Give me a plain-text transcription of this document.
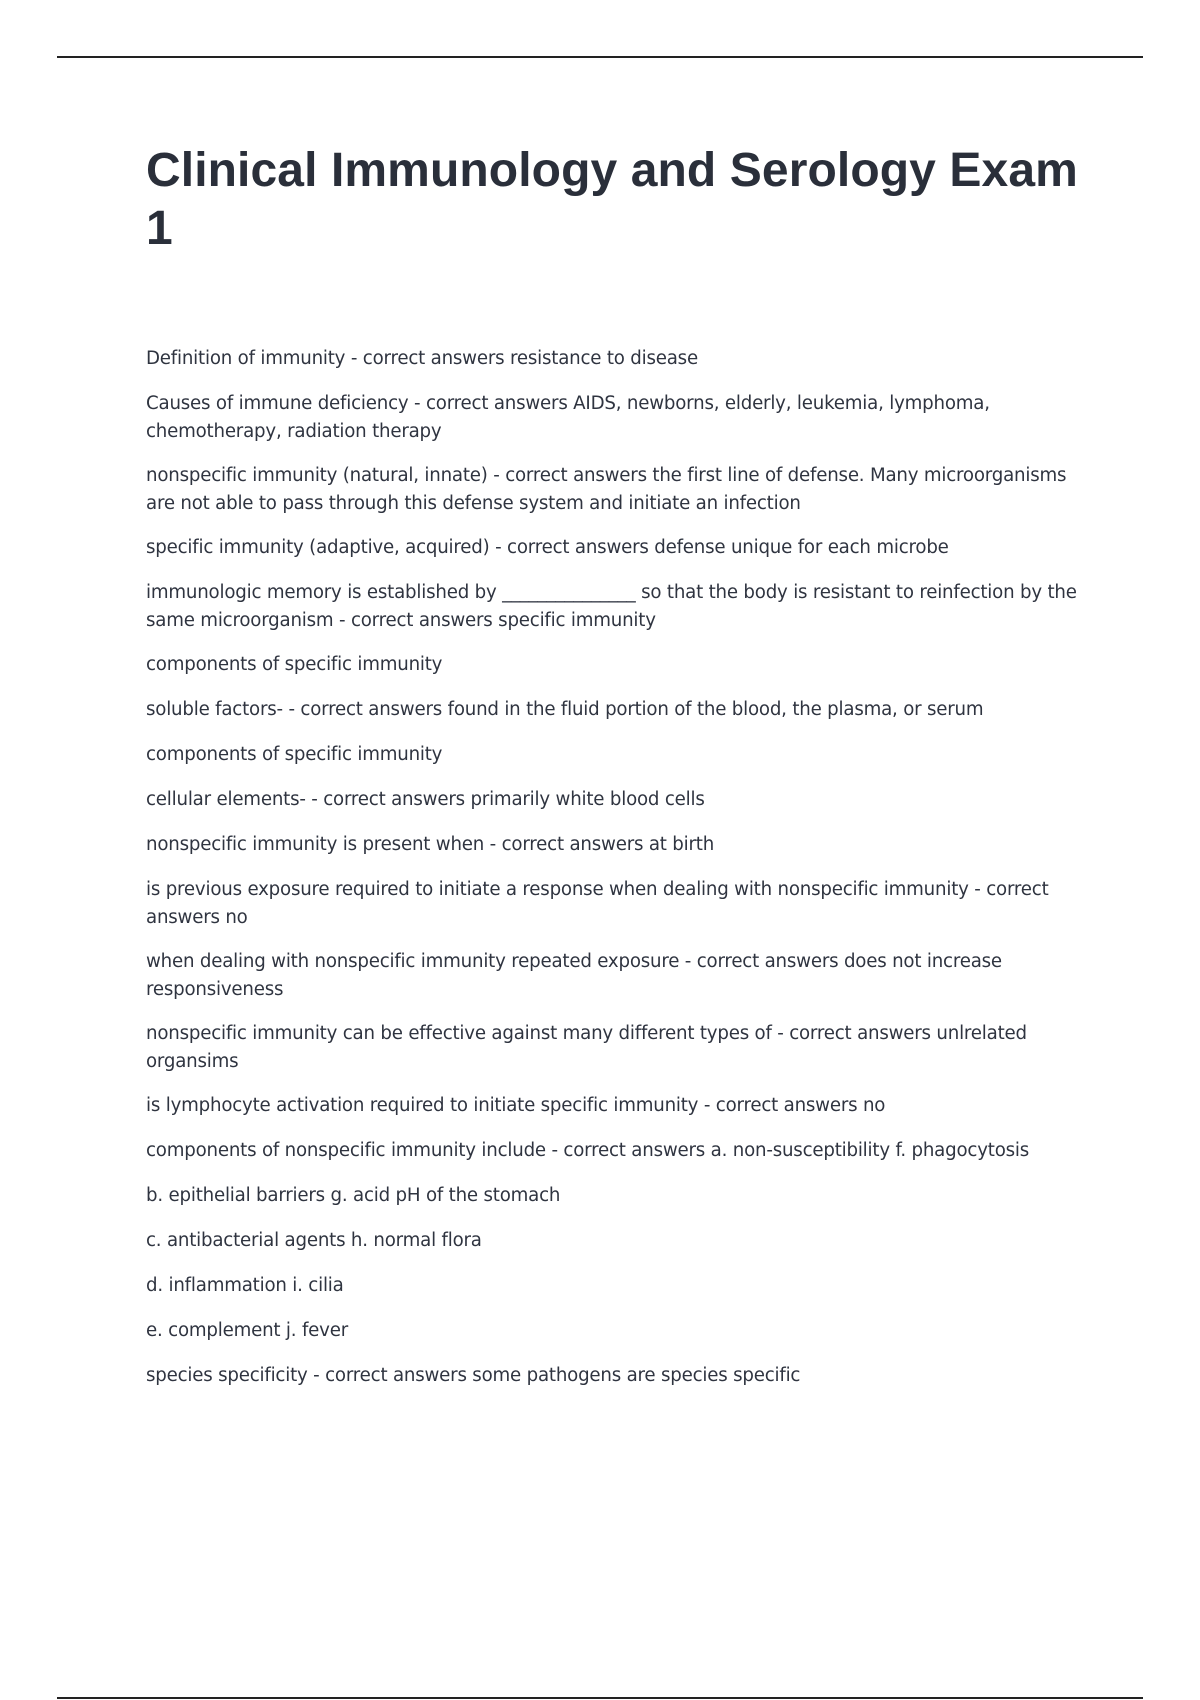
Clinical Immunology and Serology Exam 1

Definition of immunity - correct answers resistance to disease

Causes of immune deficiency - correct answers AIDS, newborns, elderly, leukemia, lymphoma, chemotherapy, radiation therapy

nonspecific immunity (natural, innate) - correct answers the first line of defense. Many microorganisms are not able to pass through this defense system and initiate an infection

specific immunity (adaptive, acquired) - correct answers defense unique for each microbe

immunologic memory is established by _______________ so that the body is resistant to reinfection by the same microorganism - correct answers specific immunity

components of specific immunity

soluble factors- - correct answers found in the fluid portion of the blood, the plasma, or serum

components of specific immunity

cellular elements- - correct answers primarily white blood cells

nonspecific immunity is present when - correct answers at birth

is previous exposure required to initiate a response when dealing with nonspecific immunity - correct answers no

when dealing with nonspecific immunity repeated exposure - correct answers does not increase responsiveness

nonspecific immunity can be effective against many different types of - correct answers unlrelated organsims

is lymphocyte activation required to initiate specific immunity - correct answers no

components of nonspecific immunity include - correct answers a. non-susceptibility f. phagocytosis

b. epithelial barriers g. acid pH of the stomach

c. antibacterial agents h. normal flora

d. inflammation i. cilia

e. complement j. fever

species specificity - correct answers some pathogens are species specific
